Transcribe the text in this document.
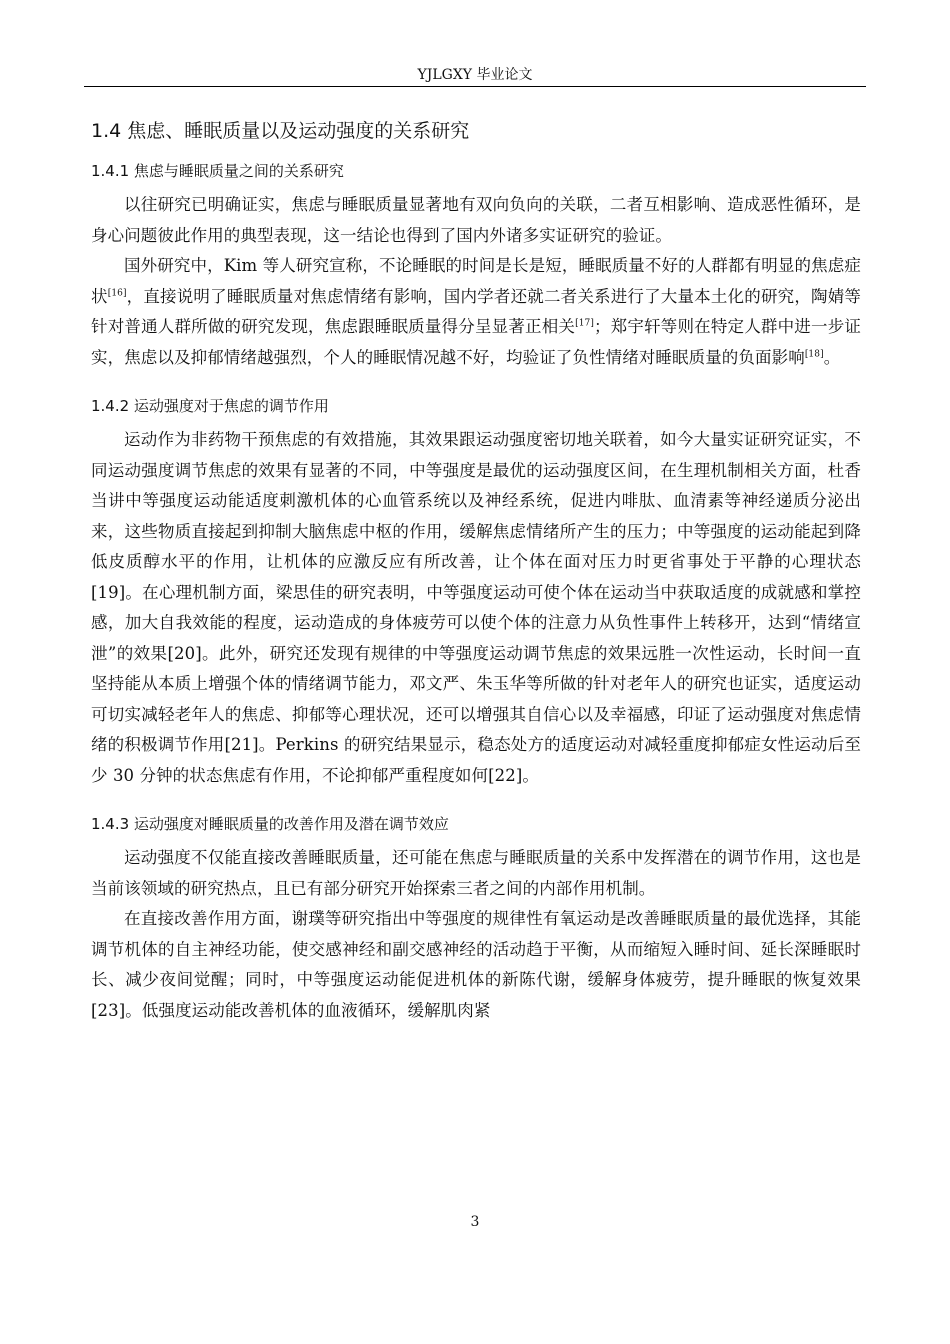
YJLGXY 毕业论文
1.4 焦虑、睡眠质量以及运动强度的关系研究
1.4.1 焦虑与睡眠质量之间的关系研究

以往研究已明确证实，焦虑与睡眠质量显著地有双向负向的关联，二者互相影响、造成恶性循环，是身心问题彼此作用的典型表现，这一结论也得到了国内外诸多实证研究的验证。

国外研究中，Kim 等人研究宣称，不论睡眠的时间是长是短，睡眠质量不好的人群都有明显的焦虑症状[16]，直接说明了睡眠质量对焦虑情绪有影响，国内学者还就二者关系进行了大量本土化的研究，陶婧等针对普通人群所做的研究发现，焦虑跟睡眠质量得分呈显著正相关[17]；郑宇轩等则在特定人群中进一步证实，焦虑以及抑郁情绪越强烈，个人的睡眠情况越不好，均验证了负性情绪对睡眠质量的负面影响[18]。

1.4.2 运动强度对于焦虑的调节作用

运动作为非药物干预焦虑的有效措施，其效果跟运动强度密切地关联着，如今大量实证研究证实，不同运动强度调节焦虑的效果有显著的不同，中等强度是最优的运动强度区间，在生理机制相关方面，杜香当讲中等强度运动能适度刺激机体的心血管系统以及神经系统，促进内啡肽、血清素等神经递质分泌出来，这些物质直接起到抑制大脑焦虑中枢的作用，缓解焦虑情绪所产生的压力；中等强度的运动能起到降低皮质醇水平的作用，让机体的应激反应有所改善，让个体在面对压力时更省事处于平静的心理状态[19]。在心理机制方面，梁思佳的研究表明，中等强度运动可使个体在运动当中获取适度的成就感和掌控感，加大自我效能的程度，运动造成的身体疲劳可以使个体的注意力从负性事件上转移开，达到“情绪宣泄”的效果[20]。此外，研究还发现有规律的中等强度运动调节焦虑的效果远胜一次性运动，长时间一直坚持能从本质上增强个体的情绪调节能力，邓文严、朱玉华等所做的针对老年人的研究也证实，适度运动可切实减轻老年人的焦虑、抑郁等心理状况，还可以增强其自信心以及幸福感，印证了运动强度对焦虑情绪的积极调节作用[21]。Perkins 的研究结果显示，稳态处方的适度运动对减轻重度抑郁症女性运动后至少 30 分钟的状态焦虑有作用，不论抑郁严重程度如何[22]。

1.4.3 运动强度对睡眠质量的改善作用及潜在调节效应

运动强度不仅能直接改善睡眠质量，还可能在焦虑与睡眠质量的关系中发挥潜在的调节作用，这也是当前该领域的研究热点，且已有部分研究开始探索三者之间的内部作用机制。

在直接改善作用方面，谢璞等研究指出中等强度的规律性有氧运动是改善睡眠质量的最优选择，其能调节机体的自主神经功能，使交感神经和副交感神经的活动趋于平衡，从而缩短入睡时间、延长深睡眠时长、减少夜间觉醒；同时，中等强度运动能促进机体的新陈代谢，缓解身体疲劳，提升睡眠的恢复效果[23]。低强度运动能改善机体的血液循环，缓解肌肉紧

3
